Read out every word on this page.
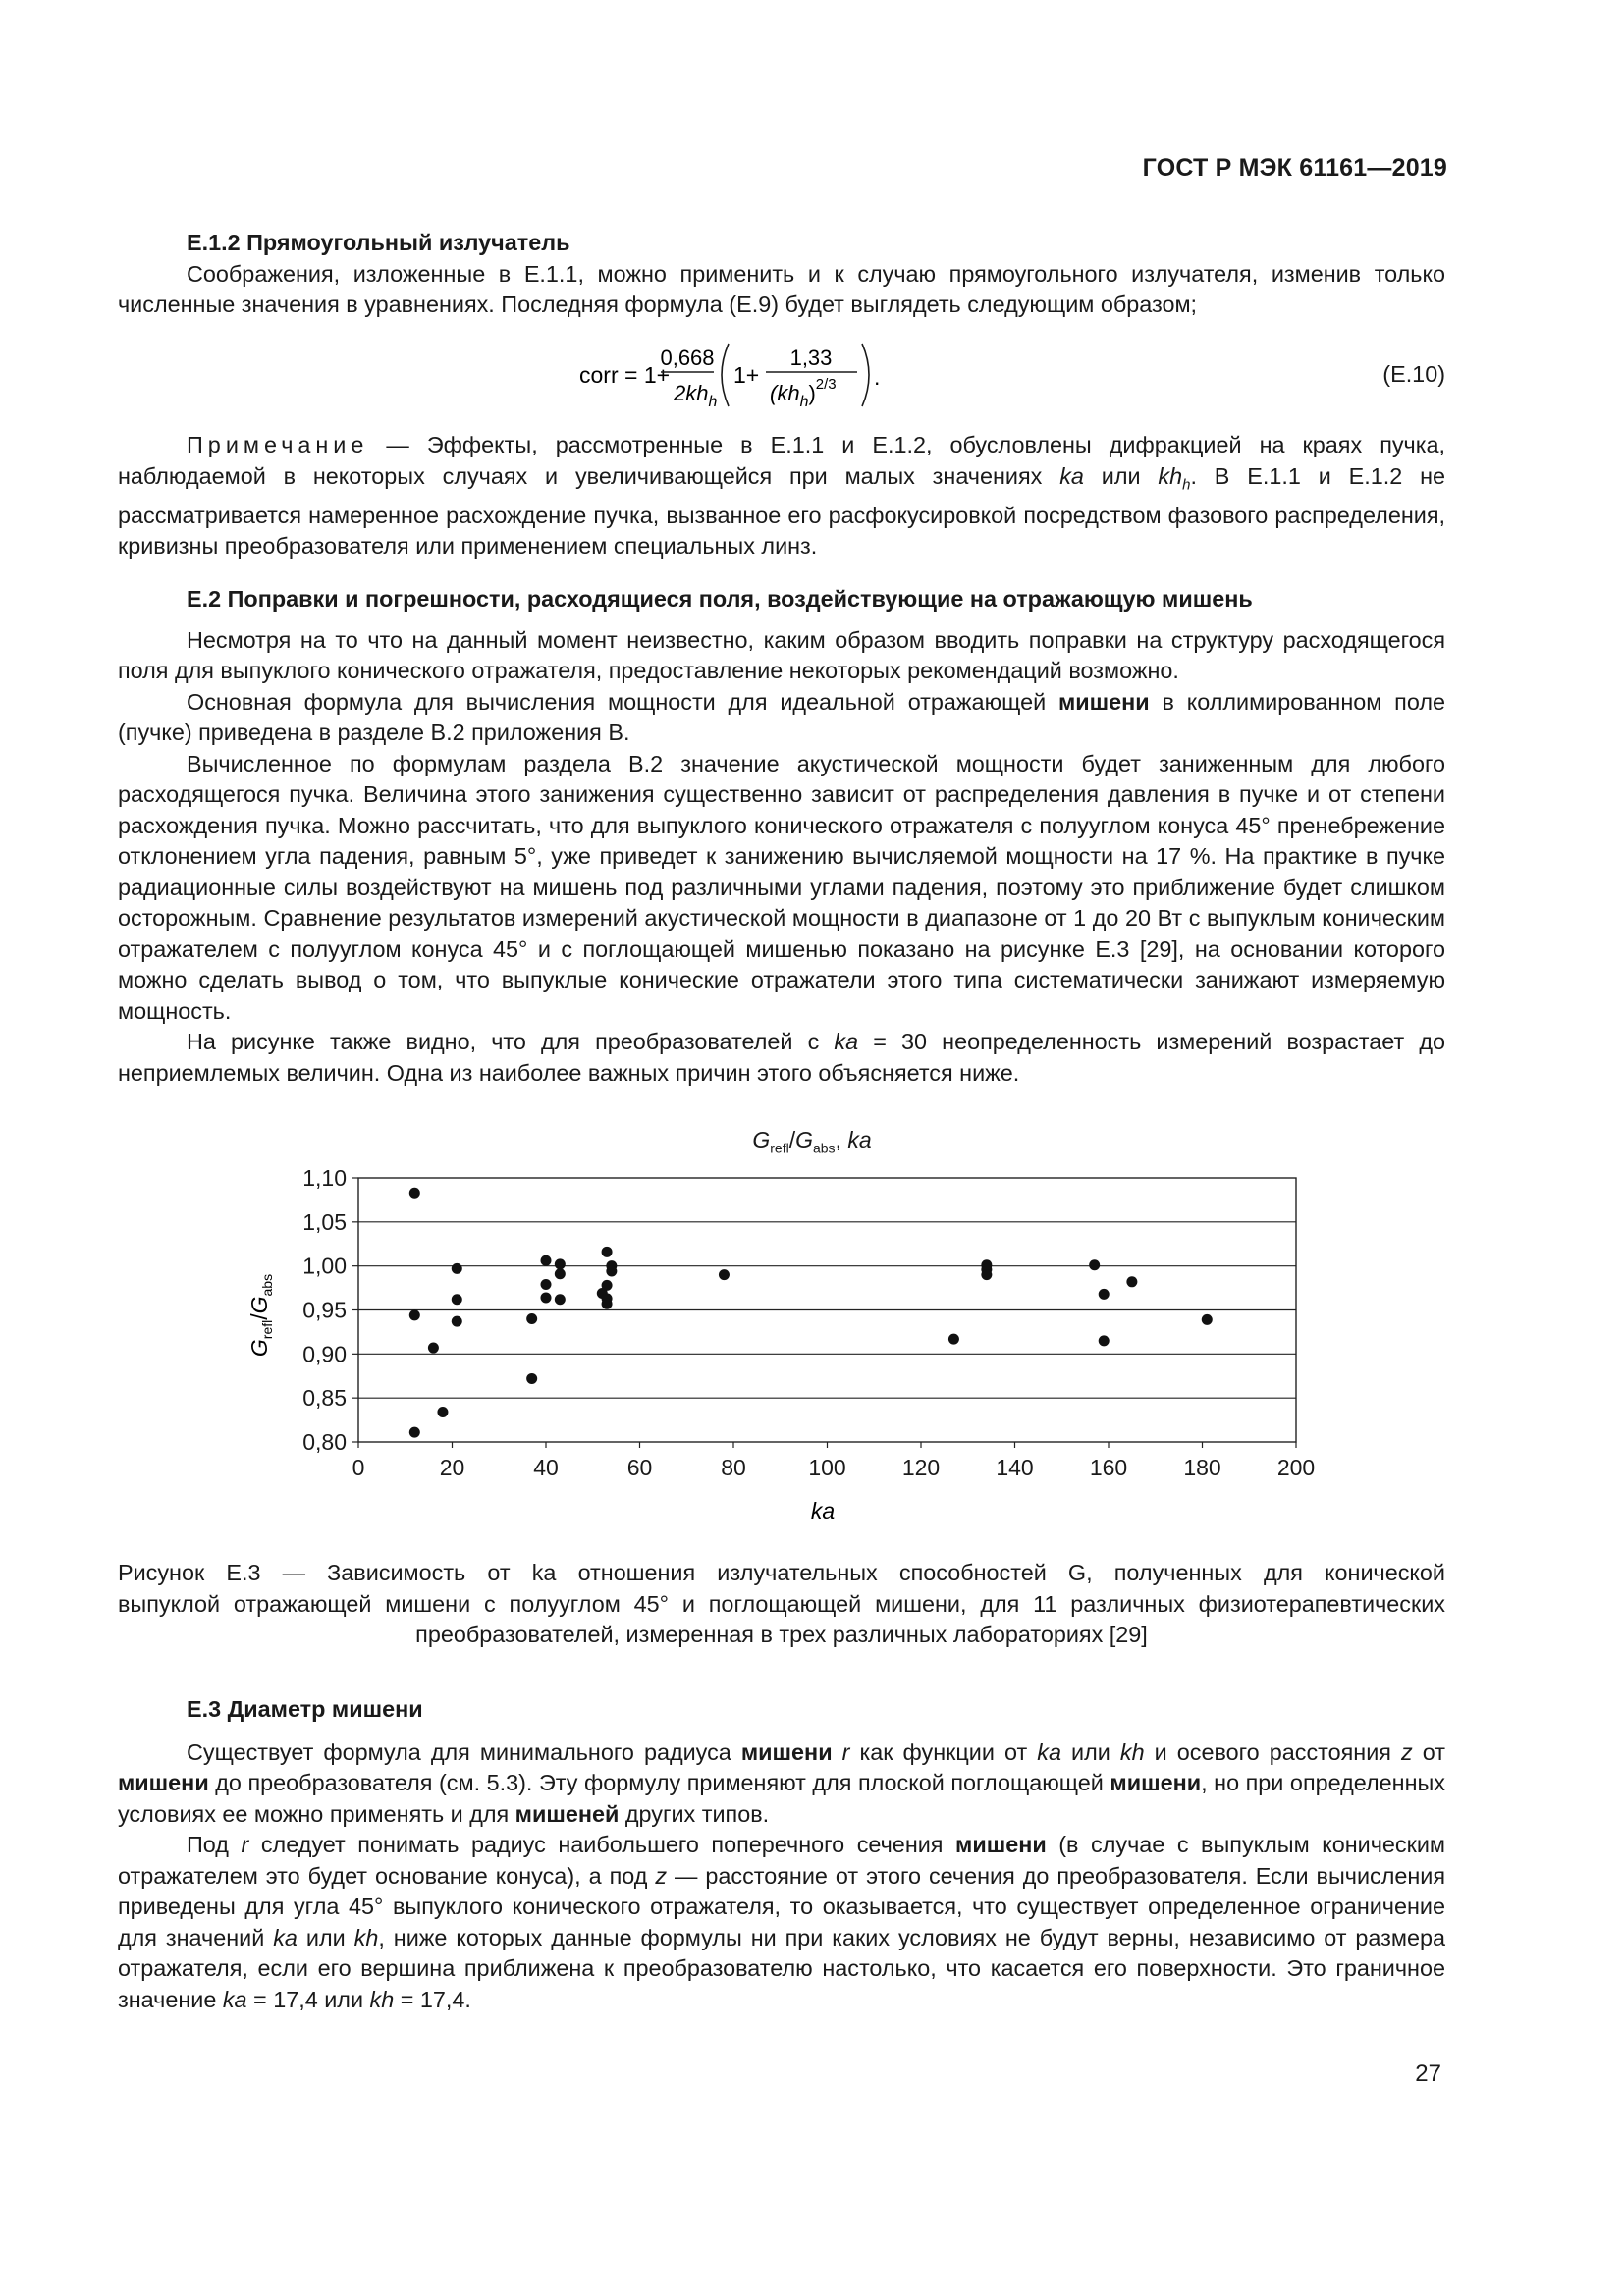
ГОСТ Р МЭК 61161—2019

Е.1.2 Прямоугольный излучатель

Соображения, изложенные в Е.1.1, можно применить и к случаю прямоугольного излучателя, изменив только численные значения в уравнениях. Последняя формула (Е.9) будет выглядеть следующим образом;

corr = 1+
0,668
$2kh_h$
1+
1,33
$(kh_h)^{2/3}$ .	(Е.10)

Примечание — Эффекты, рассмотренные в Е.1.1 и Е.1.2, обусловлены дифракцией на краях пучка, наблюдаемой в некоторых случаях и увеличивающейся при малых значениях ka или $kh_h$. В Е.1.1 и Е.1.2 не рассматривается намеренное расхождение пучка, вызванное его расфокусировкой посредством фазового распределения, кривизны преобразователя или применением специальных линз.

Е.2 Поправки и погрешности, расходящиеся поля, воздействующие на отражающую мишень

Несмотря на то что на данный момент неизвестно, каким образом вводить поправки на структуру расходящегося поля для выпуклого конического отражателя, предоставление некоторых рекомендаций возможно.

Основная формула для вычисления мощности для идеальной отражающей мишени в коллимированном поле (пучке) приведена в разделе В.2 приложения В.

Вычисленное по формулам раздела В.2 значение акустической мощности будет заниженным для любого расходящегося пучка. Величина этого занижения существенно зависит от распределения давления в пучке и от степени расхождения пучка. Можно рассчитать, что для выпуклого конического отражателя с полууглом конуса 45° пренебрежение отклонением угла падения, равным 5°, уже приведет к занижению вычисляемой мощности на 17 %. На практике в пучке радиационные силы воздействуют на мишень под различными углами падения, поэтому это приближение будет слишком осторожным. Сравнение результатов измерений акустической мощности в диапазоне от 1 до 20 Вт с выпуклым коническим отражателем с полууглом конуса 45° и с поглощающей мишенью показано на рисунке Е.3 [29], на основании которого можно сделать вывод о том, что выпуклые конические отражатели этого типа систематически занижают измеряемую мощность.

На рисунке также видно, что для преобразователей с ka = 30 неопределенность измерений возрастает до неприемлемых величин. Одна из наиболее важных причин этого объясняется ниже.

$G_{refl}/G_{abs}$, ka
0,80
0,85
0,90
0,95
1,00
1,05
1,10
0	20	40	60	80	100 120 140 160 180 200
$G_{refl}/G_{abs}$
ka
Рисунок Е.3 — Зависимость от ka отношения излучательных способностей G, полученных для конической
выпуклой отражающей мишени с полууглом 45° и поглощающей мишени, для 11 различных физиотерапевтических
преобразователей, измеренная в трех различных лабораториях [29]

Е.3 Диаметр мишени

Существует формула для минимального радиуса мишени r как функции от ka или kh и осевого расстояния z от мишени до преобразователя (см. 5.3). Эту формулу применяют для плоской поглощающей мишени, но при определенных условиях ее можно применять и для мишеней других типов.

Под r следует понимать радиус наибольшего поперечного сечения мишени (в случае с выпуклым коническим отражателем это будет основание конуса), а под z — расстояние от этого сечения до преобразователя. Если вычисления приведены для угла 45° выпуклого конического отражателя, то оказывается, что существует определенное ограничение для значений ka или kh, ниже которых данные формулы ни при каких условиях не будут верны, независимо от размера отражателя, если его вершина приближена к преобразователю настолько, что касается его поверхности. Это граничное значение ka = 17,4 или kh = 17,4.

27
